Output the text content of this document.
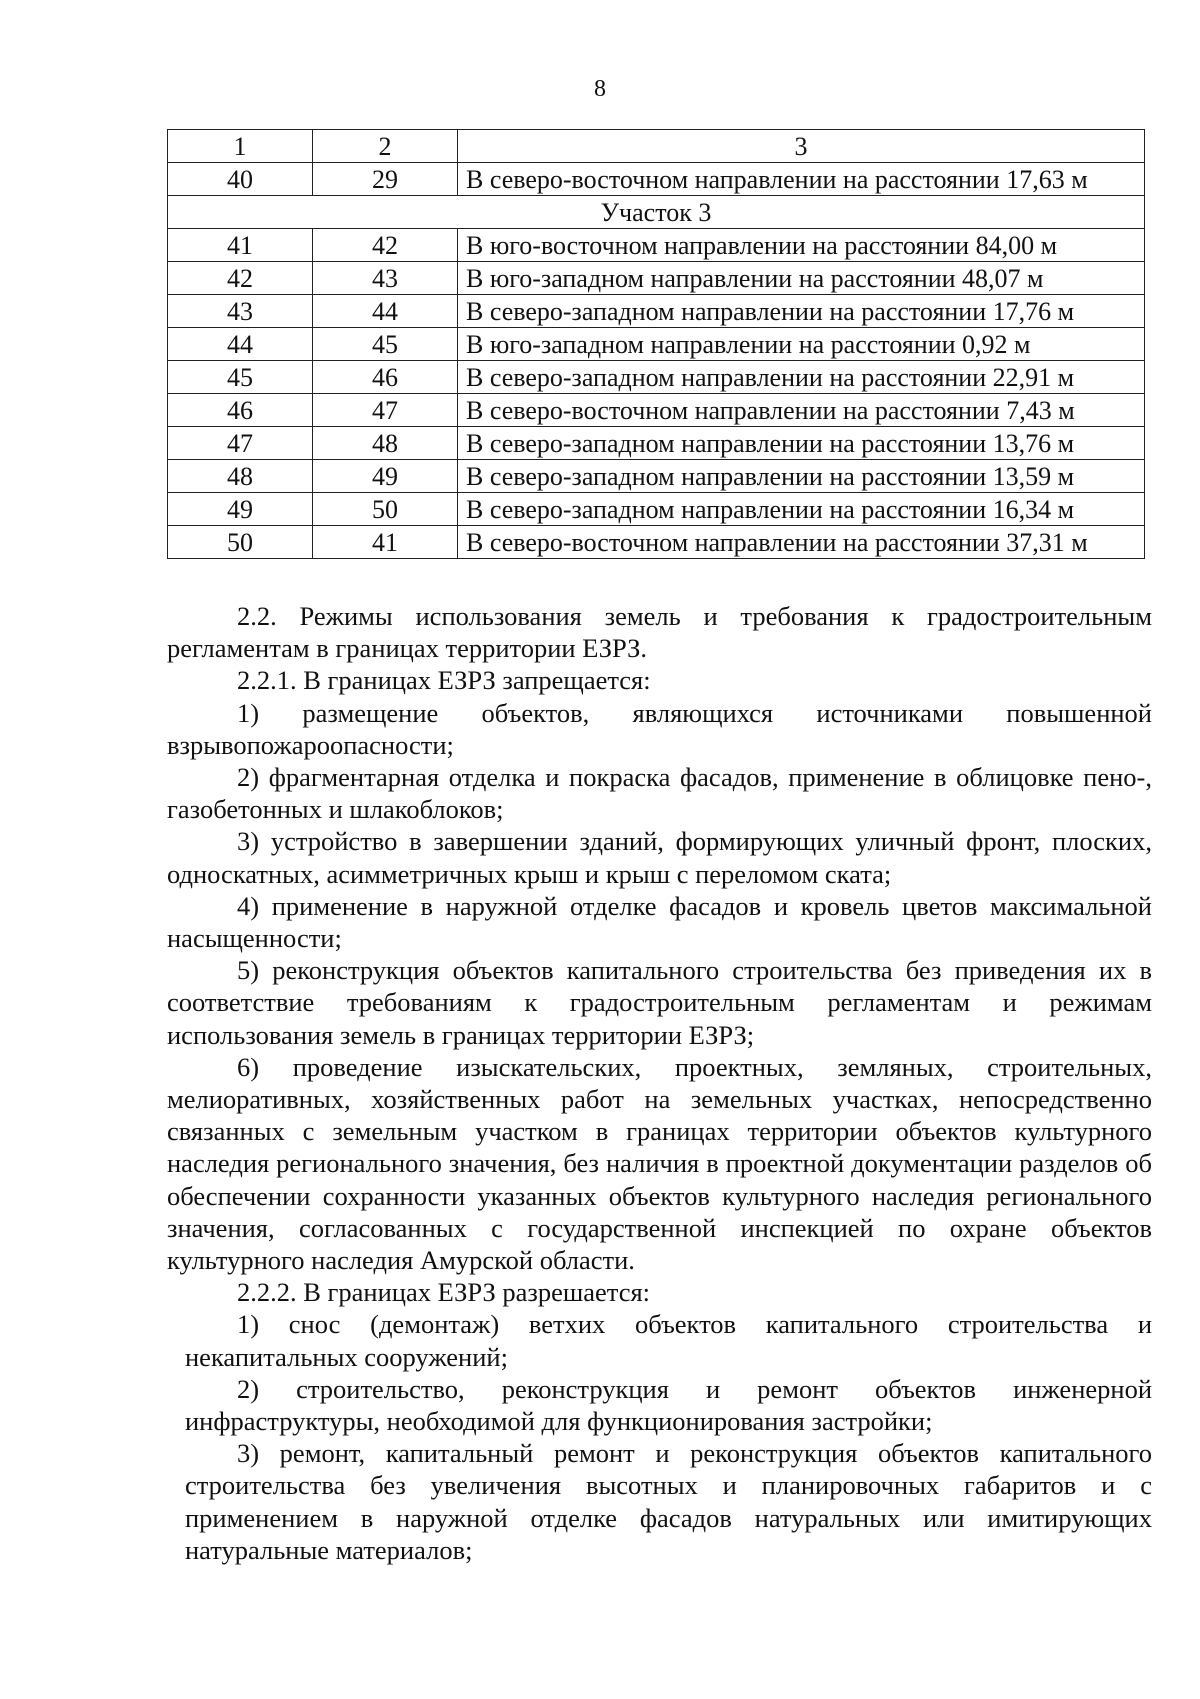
8
1	2	3
40	29	В северо-восточном направлении на расстоянии 17,63 м
Участок 3		
41	42	В юго-восточном направлении на расстоянии 84,00 м
42	43	В юго-западном направлении на расстоянии 48,07 м
43	44	В северо-западном направлении на расстоянии 17,76 м
44	45	В юго-западном направлении на расстоянии 0,92 м
45	46	В северо-западном направлении на расстоянии 22,91 м
46	47	В северо-восточном направлении на расстоянии 7,43 м
47	48	В северо-западном направлении на расстоянии 13,76 м
48	49	В северо-западном направлении на расстоянии 13,59 м
49	50	В северо-западном направлении на расстоянии 16,34 м
50	41	В северо-восточном направлении на расстоянии 37,31 м

2.2. Режимы использования земель и требования к градостроительным регламентам в границах территории ЕЗРЗ.

2.2.1. В границах ЕЗРЗ запрещается:

1) размещение объектов, являющихся источниками повышенной взрывопожароопасности;

2) фрагментарная отделка и покраска фасадов, применение в облицовке пено-, газобетонных и шлакоблоков;

3) устройство в завершении зданий, формирующих уличный фронт, плоских, односкатных, асимметричных крыш и крыш с переломом ската;

4) применение в наружной отделке фасадов и кровель цветов максимальной насыщенности;

5) реконструкция объектов капитального строительства без приведения их в соответствие требованиям к градостроительным регламентам и режимам использования земель в границах территории ЕЗРЗ;

6) проведение изыскательских, проектных, земляных, строительных, мелиоративных, хозяйственных работ на земельных участках, непосредственно связанных с земельным участком в границах территории объектов культурного наследия регионального значения, без наличия в проектной документации разделов об обеспечении сохранности указанных объектов культурного наследия регионального значения, согласованных с государственной инспекцией по охране объектов культурного наследия Амурской области.

2.2.2. В границах ЕЗРЗ разрешается:

1) снос (демонтаж) ветхих объектов капитального строительства и некапитальных сооружений;

2) строительство, реконструкция и ремонт объектов инженерной инфраструктуры, необходимой для функционирования застройки;

3) ремонт, капитальный ремонт и реконструкция объектов капитального строительства без увеличения высотных и планировочных габаритов и с применением в наружной отделке фасадов натуральных или имитирующих натуральные материалов;
